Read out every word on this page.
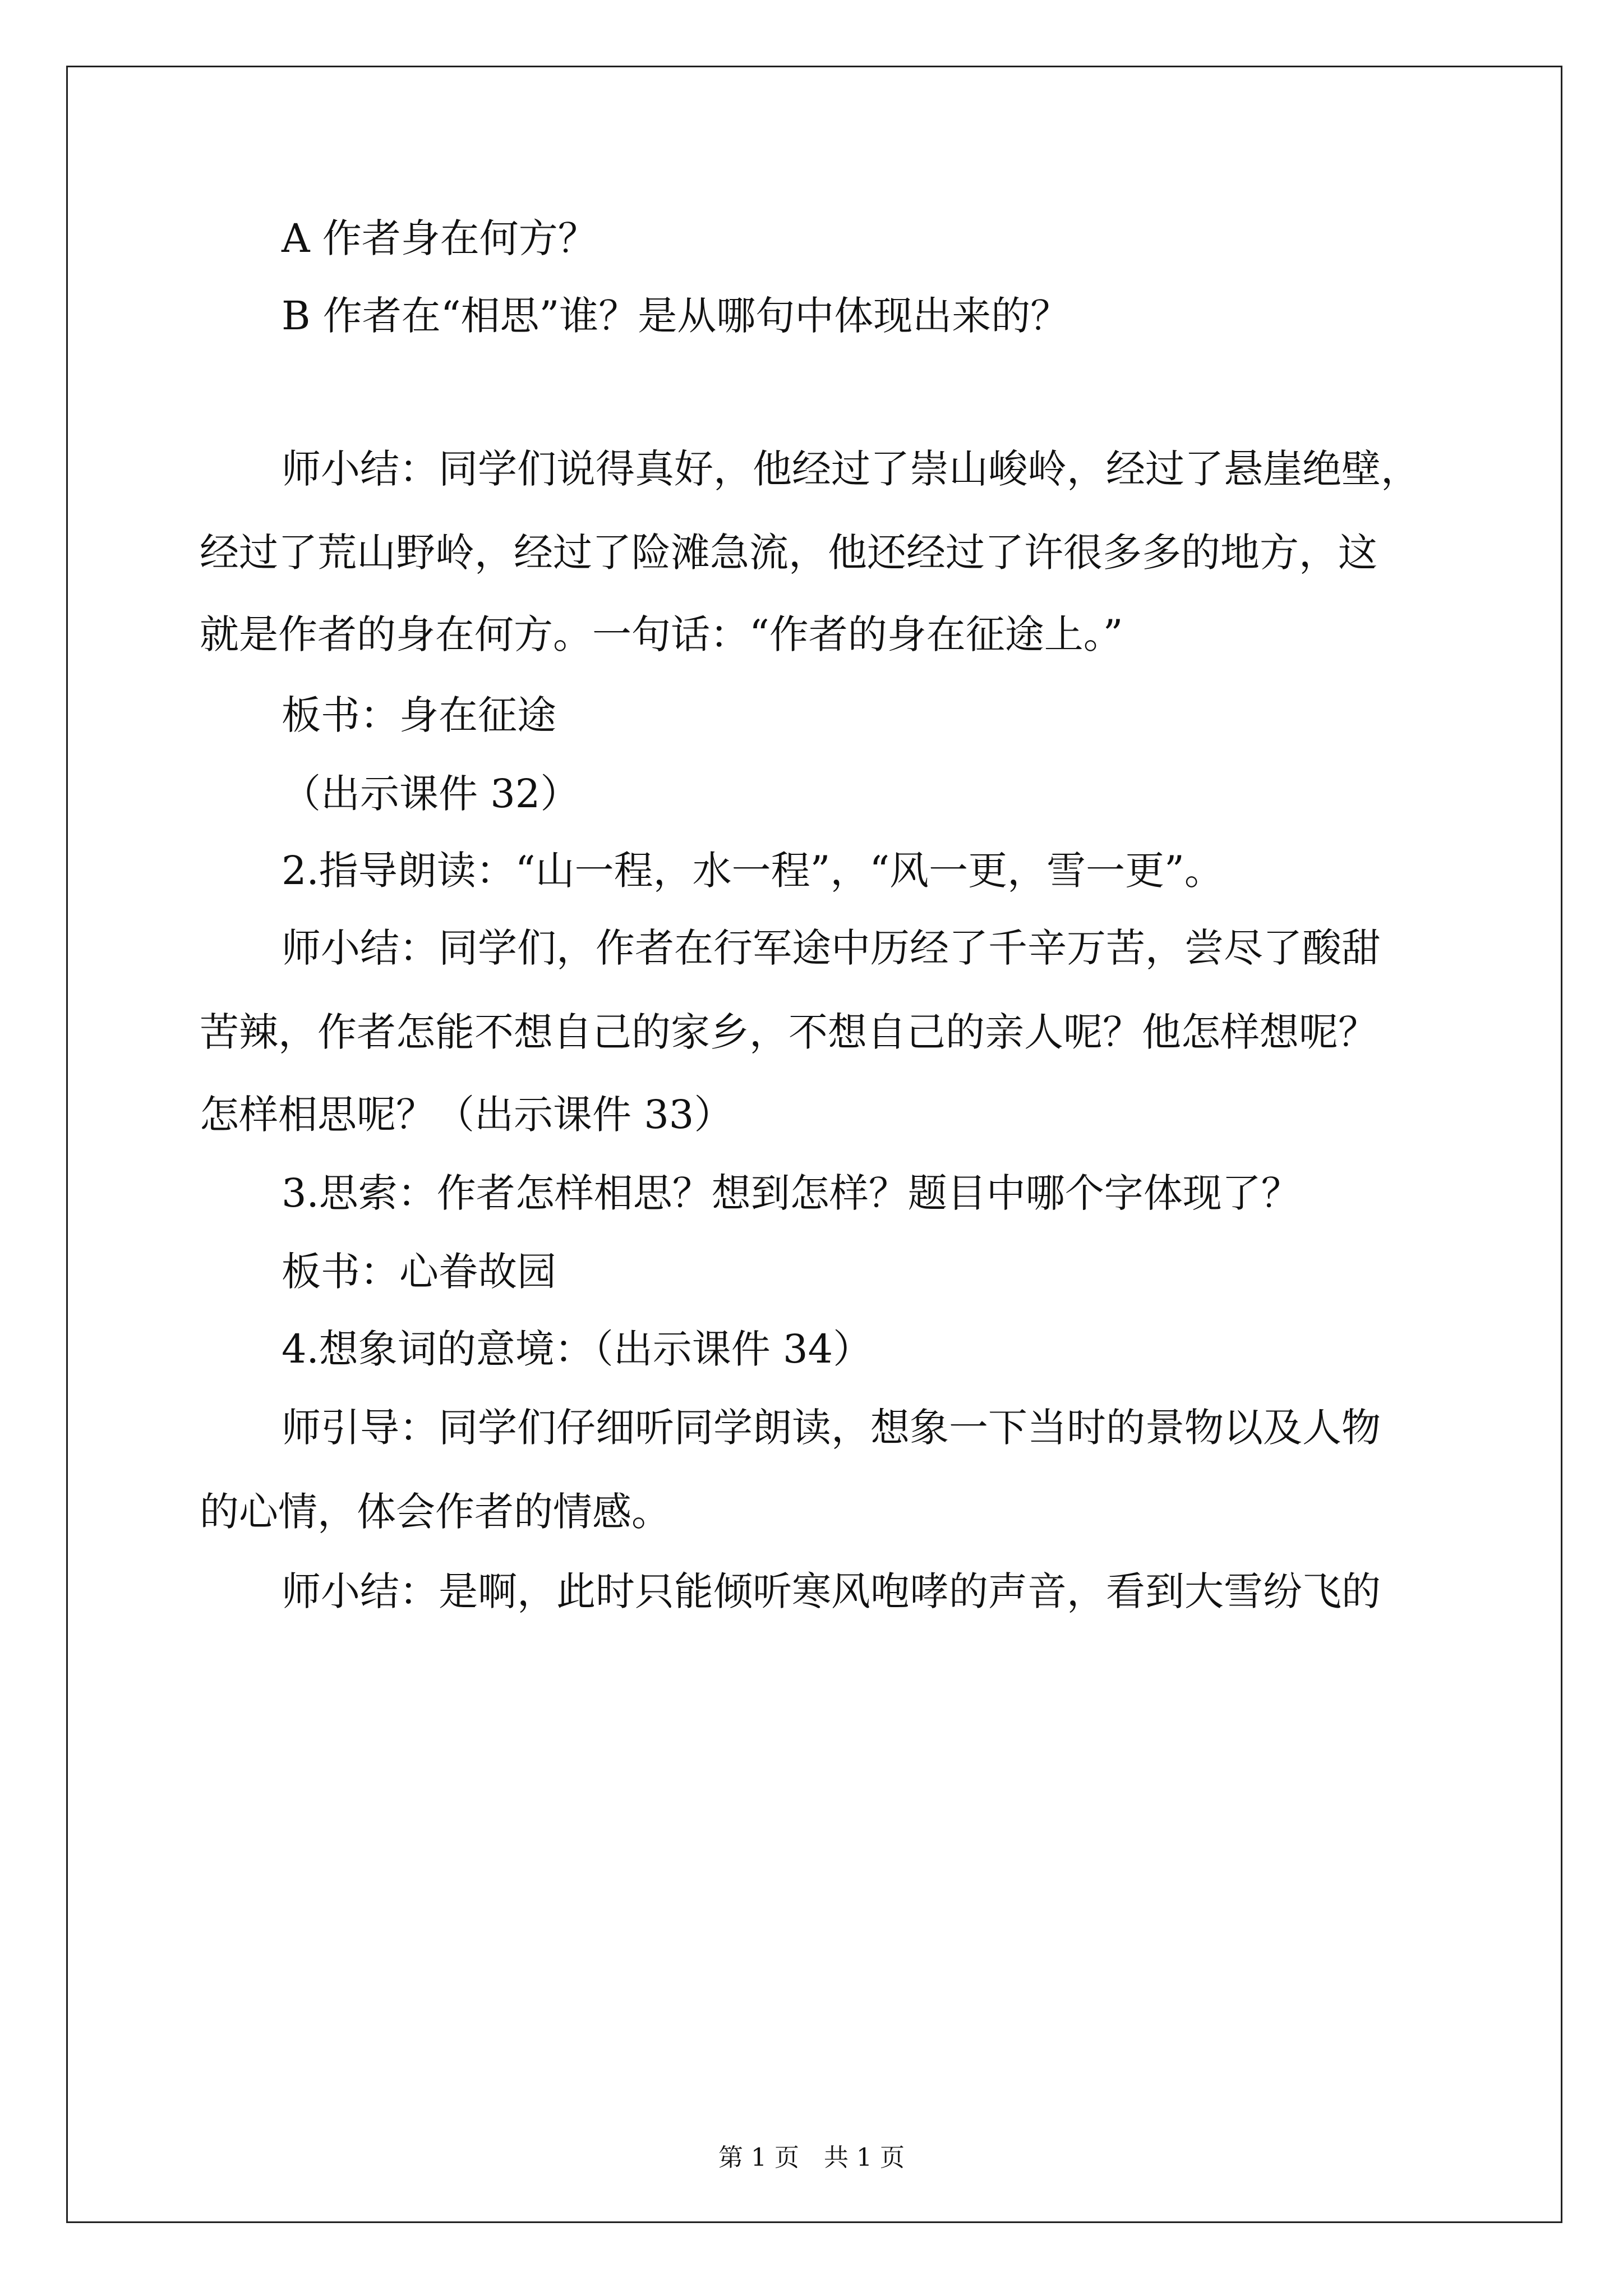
A 作者身在何方？
B 作者在“相思”谁？是从哪句中体现出来的？
师小结：同学们说得真好，他经过了崇山峻岭，经过了悬崖绝壁，
经过了荒山野岭，经过了险滩急流，他还经过了许很多多的地方，这
就是作者的身在何方。一句话：“作者的身在征途上。”
板书：身在征途
（出示课件 32）
2.指导朗读：“山一程，水一程”，“风一更，雪一更”。
师小结：同学们，作者在行军途中历经了千辛万苦，尝尽了酸甜
苦辣，作者怎能不想自己的家乡，不想自己的亲人呢？他怎样想呢？
怎样相思呢？（出示课件 33）
3.思索：作者怎样相思？想到怎样？题目中哪个字体现了？
板书：心眷故园
4.想象词的意境：（出示课件 34）
师引导：同学们仔细听同学朗读，想象一下当时的景物以及人物
的心情，体会作者的情感。
师小结：是啊，此时只能倾听寒风咆哮的声音，看到大雪纷飞的
第 1 页　共 1 页
